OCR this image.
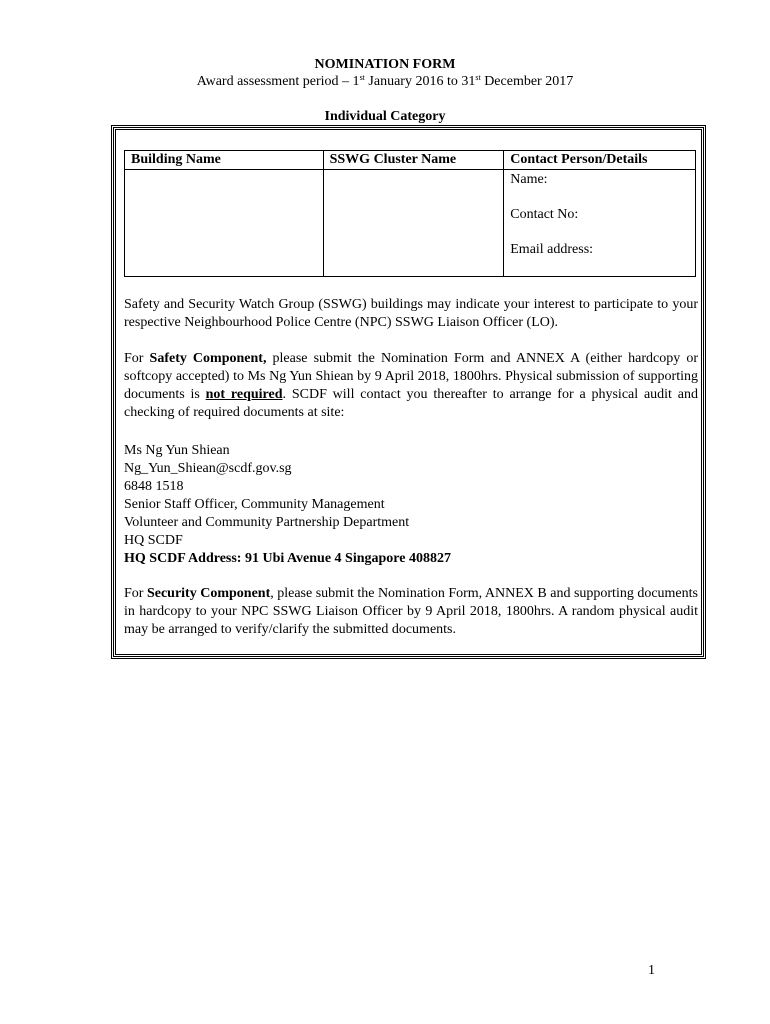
NOMINATION FORM
Award assessment period – 1st January 2016 to 31st December 2017
Individual Category
Building Name	SSWG Cluster Name	Contact Person/Details

		Name:
Contact No:
Email address:
Safety and Security Watch Group (SSWG) buildings may indicate your interest to participate to your respective Neighbourhood Police Centre (NPC) SSWG Liaison Officer (LO).
For Safety Component, please submit the Nomination Form and ANNEX A (either hardcopy or softcopy accepted) to Ms Ng Yun Shiean by 9 April 2018, 1800hrs. Physical submission of supporting documents is not required. SCDF will contact you thereafter to arrange for a physical audit and checking of required documents at site:
Ms Ng Yun Shiean
Ng_Yun_Shiean@scdf.gov.sg
6848 1518
Senior Staff Officer, Community Management
Volunteer and Community Partnership Department
HQ SCDF
HQ SCDF Address: 91 Ubi Avenue 4 Singapore 408827
For Security Component, please submit the Nomination Form, ANNEX B and supporting documents in hardcopy to your NPC SSWG Liaison Officer by 9 April 2018, 1800hrs. A random physical audit may be arranged to verify/clarify the submitted documents.
1
